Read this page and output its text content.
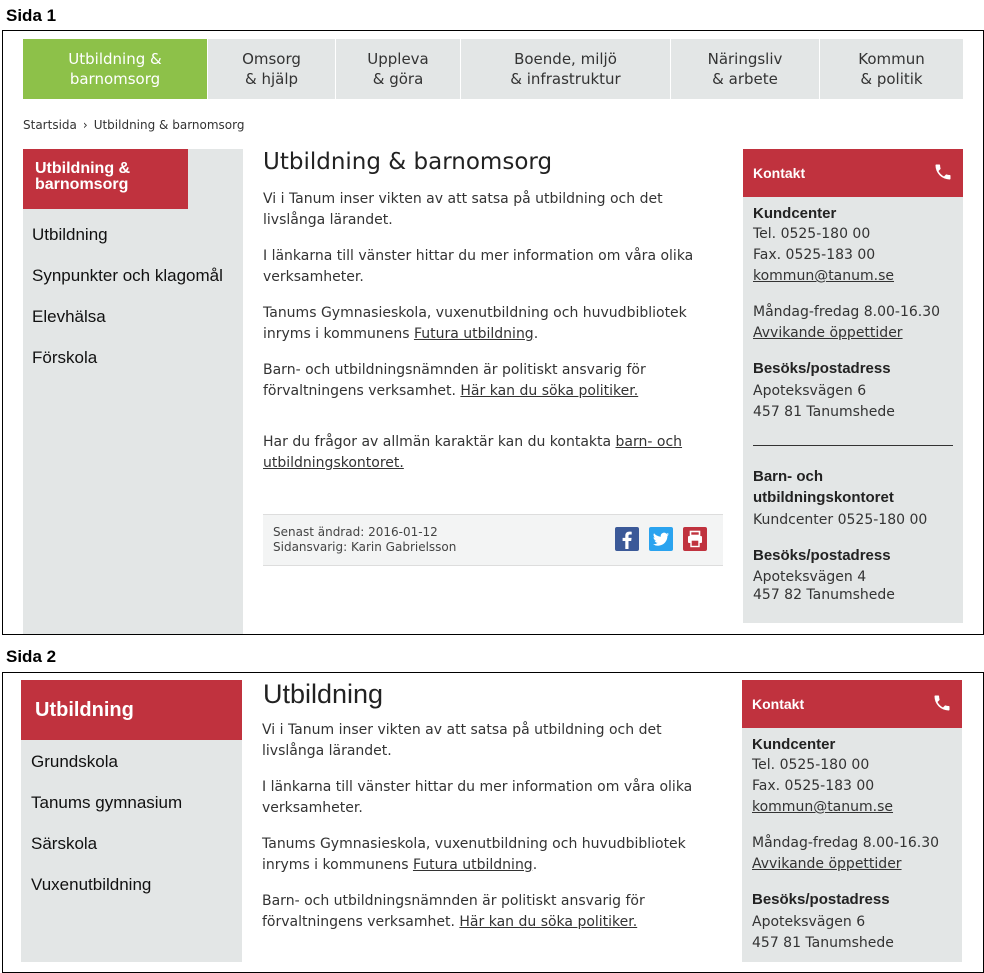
Sida 1
Utbildning &
barnomsorg
Omsorg
& hjälp
Uppleva
& göra
Boende, miljö
& infrastruktur
Näringsliv
& arbete
Kommun
& politik
Startsida › Utbildning & barnomsorg
Utbildning & barnomsorg
Utbildning
Synpunkter och klagomål
Elevhälsa
Förskola
Utbildning & barnomsorg

Vi i Tanum inser vikten av att satsa på utbildning och det livslånga lärandet.

I länkarna till vänster hittar du mer information om våra olika verksamheter.

Tanums Gymnasieskola, vuxenutbildning och huvudbibliotek inryms i kommunens Futura utbildning.

Barn- och utbildningsnämnden är politiskt ansvarig för förvaltningens verksamhet. Här kan du söka politiker.

Har du frågor av allmän karaktär kan du kontakta barn- och utbildningskontoret.

Senast ändrad: 2016-01-12
Sidansvarig: Karin Gabrielsson
Kontakt
Kundcenter
Tel. 0525-180 00
Fax. 0525-183 00
kommun@tanum.se
Måndag-fredag 8.00-16.30
Avvikande öppettider
Besöks/postadress
Apoteksvägen 6
457 81 Tanumshede
Barn- och utbildningskontoret
Kundcenter 0525-180 00
Besöks/postadress
Apoteksvägen 4
457 82 Tanumshede
Sida 2
Utbildning
Grundskola
Tanums gymnasium
Särskola
Vuxenutbildning
Utbildning

Vi i Tanum inser vikten av att satsa på utbildning och det livslånga lärandet.

I länkarna till vänster hittar du mer information om våra olika verksamheter.

Tanums Gymnasieskola, vuxenutbildning och huvudbibliotek inryms i kommunens Futura utbildning.

Barn- och utbildningsnämnden är politiskt ansvarig för förvaltningens verksamhet. Här kan du söka politiker.

Kontakt
Kundcenter
Tel. 0525-180 00
Fax. 0525-183 00
kommun@tanum.se
Måndag-fredag 8.00-16.30
Avvikande öppettider
Besöks/postadress
Apoteksvägen 6
457 81 Tanumshede
